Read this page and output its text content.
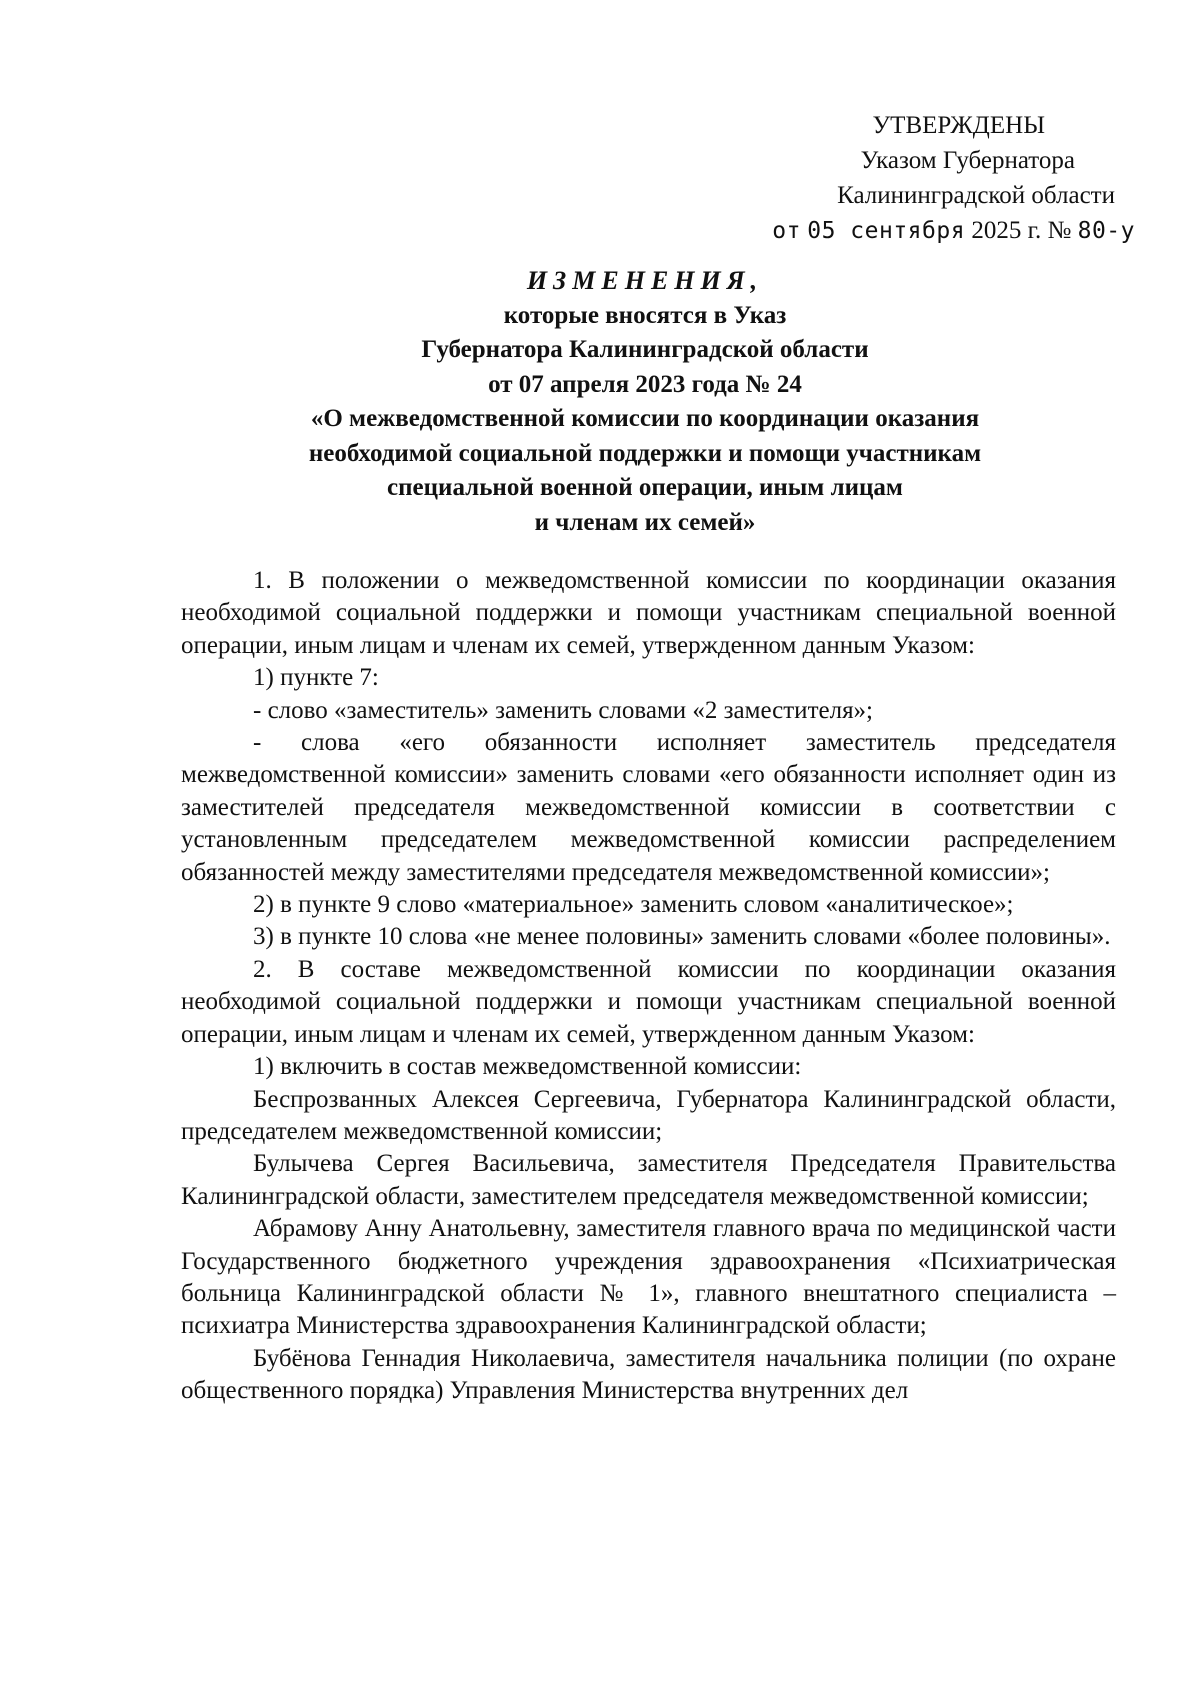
УТВЕРЖДЕНЫ
Указом Губернатора
Калининградской области
от 05 сентября 2025 г. № 80-у
ИЗМЕНЕНИЯ,
которые вносятся в Указ
Губернатора Калининградской области
от 07 апреля 2023 года № 24
«О межведомственной комиссии по координации оказания
необходимой социальной поддержки и помощи участникам
специальной военной операции, иным лицам
и членам их семей»

1. В положении о межведомственной комиссии по координации оказания необходимой социальной поддержки и помощи участникам специальной военной операции, иным лицам и членам их семей, утвержденном данным Указом:

1) пункте 7:

- слово «заместитель» заменить словами «2 заместителя»;

- слова «его обязанности исполняет заместитель председателя межведомственной комиссии» заменить словами «его обязанности исполняет один из заместителей председателя межведомственной комиссии в соответствии с установленным председателем межведомственной комиссии распределением обязанностей между заместителями председателя межведомственной комиссии»;

2) в пункте 9 слово «материальное» заменить словом «аналитическое»;

3) в пункте 10 слова «не менее половины» заменить словами «более половины».

2. В составе межведомственной комиссии по координации оказания необходимой социальной поддержки и помощи участникам специальной военной операции, иным лицам и членам их семей, утвержденном данным Указом:

1) включить в состав межведомственной комиссии:

Беспрозванных Алексея Сергеевича, Губернатора Калининградской области, председателем межведомственной комиссии;

Булычева Сергея Васильевича, заместителя Председателя Правительства Калининградской области, заместителем председателя межведомственной комиссии;

Абрамову Анну Анатольевну, заместителя главного врача по медицинской части Государственного бюджетного учреждения здравоохранения «Психиатрическая больница Калининградской области № 1», главного внештатного специалиста – психиатра Министерства здравоохранения Калининградской области;

Бубёнова Геннадия Николаевича, заместителя начальника полиции (по охране общественного порядка) Управления Министерства внутренних дел
